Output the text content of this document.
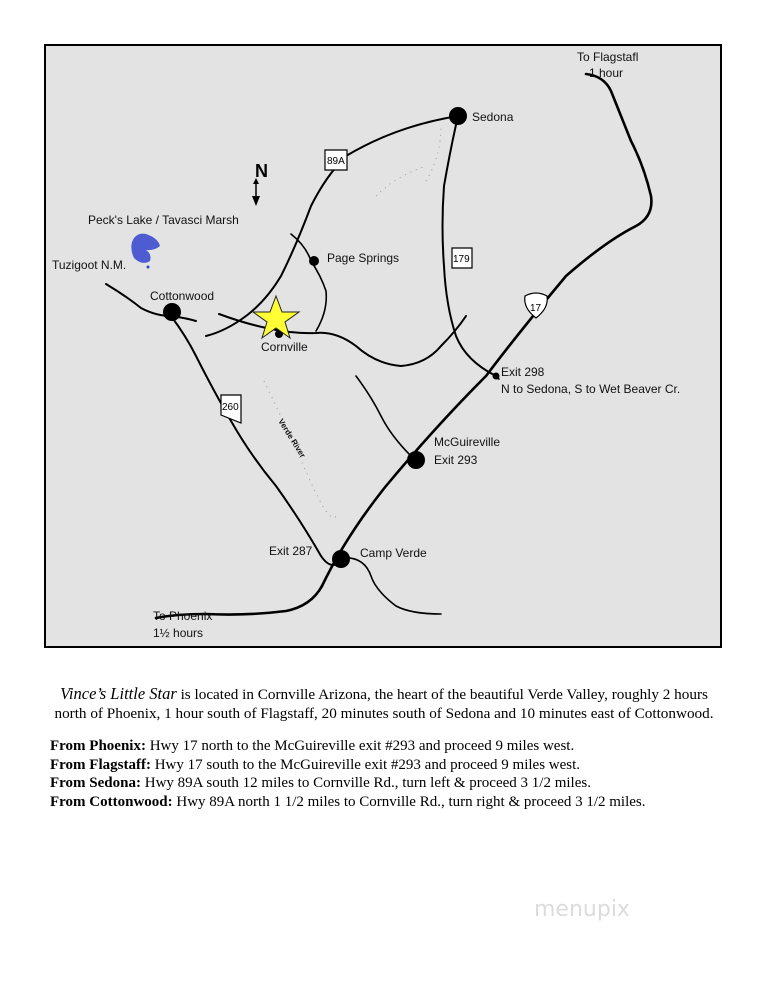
N	89A
179
260
17
To Flagstafl
1 hour
Sedona
Peck's Lake / Tavasci Marsh
Tuzigoot N.M.	Page Springs
Cottonwood
Cornville
Exit 298
N to Sedona, S to Wet Beaver Cr.
McGuireville
Exit 293
Exit 287	Camp Verde
To Phoenix
1½ hours
Verde River

Vince’s Little Star is located in Cornville Arizona, the heart of the beautiful Verde Valley, roughly 2 hours north of Phoenix, 1 hour south of Flagstaff, 20 minutes south of Sedona and 10 minutes east of Cottonwood.

From Phoenix: Hwy 17 north to the McGuireville exit #293 and proceed 9 miles west.

From Flagstaff: Hwy 17 south to the McGuireville exit #293 and proceed 9 miles west.

From Sedona: Hwy 89A south 12 miles to Cornville Rd., turn left & proceed 3 1/2 miles.

From Cottonwood: Hwy 89A north 1 1/2 miles to Cornville Rd., turn right & proceed 3 1/2 miles.

menupix
